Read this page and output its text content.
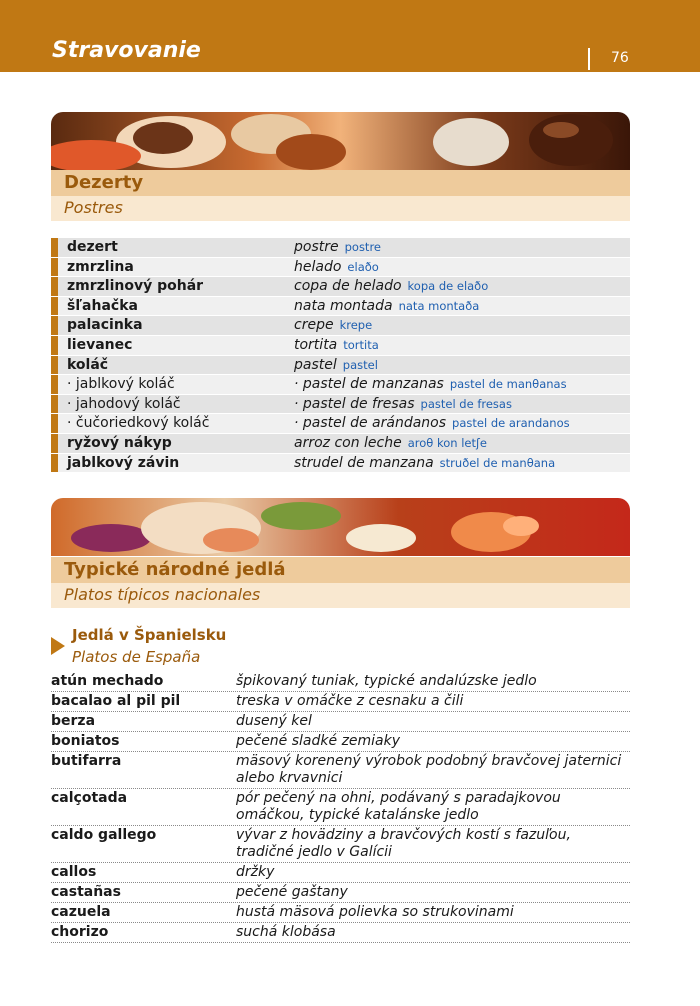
Stravovanie	76
Dezerty
Postres
dezert	postre postre
zmrzlina	helado elaðo
zmrzlinový pohár	copa de helado kopa de elaðo
šľahačka	nata montada nata montaða
palacinka	crepe krepe
lievanec	tortita tortita
koláč	pastel pastel
· jablkový koláč	· pastel de manzanas pastel de manθanas
· jahodový koláč	· pastel de fresas pastel de fresas
· čučoriedkový koláč	· pastel de arándanos pastel de arandanos
ryžový nákyp	arroz con leche aroθ kon letʃe
jablkový závin	strudel de manzana struðel de manθana
Typické národné jedlá
Platos típicos nacionales
Jedlá v Španielsku
Platos de España
atún mechado	špikovaný tuniak, typické andalúzske jedlo
bacalao al pil pil	treska v omáčke z cesnaku a čili
berza	dusený kel
boniatos	pečené sladké zemiaky
butifarra	mäsový korenený výrobok podobný bravčovej jaternici alebo krvavnici
calçotada	pór pečený na ohni, podávaný s paradajkovou omáčkou, typické katalánske jedlo
caldo gallego	vývar z hovädziny a bravčových kostí s fazuľou, tradičné jedlo v Galícii
callos	držky
castañas	pečené gaštany
cazuela	hustá mäsová polievka so strukovinami
chorizo	suchá klobása
